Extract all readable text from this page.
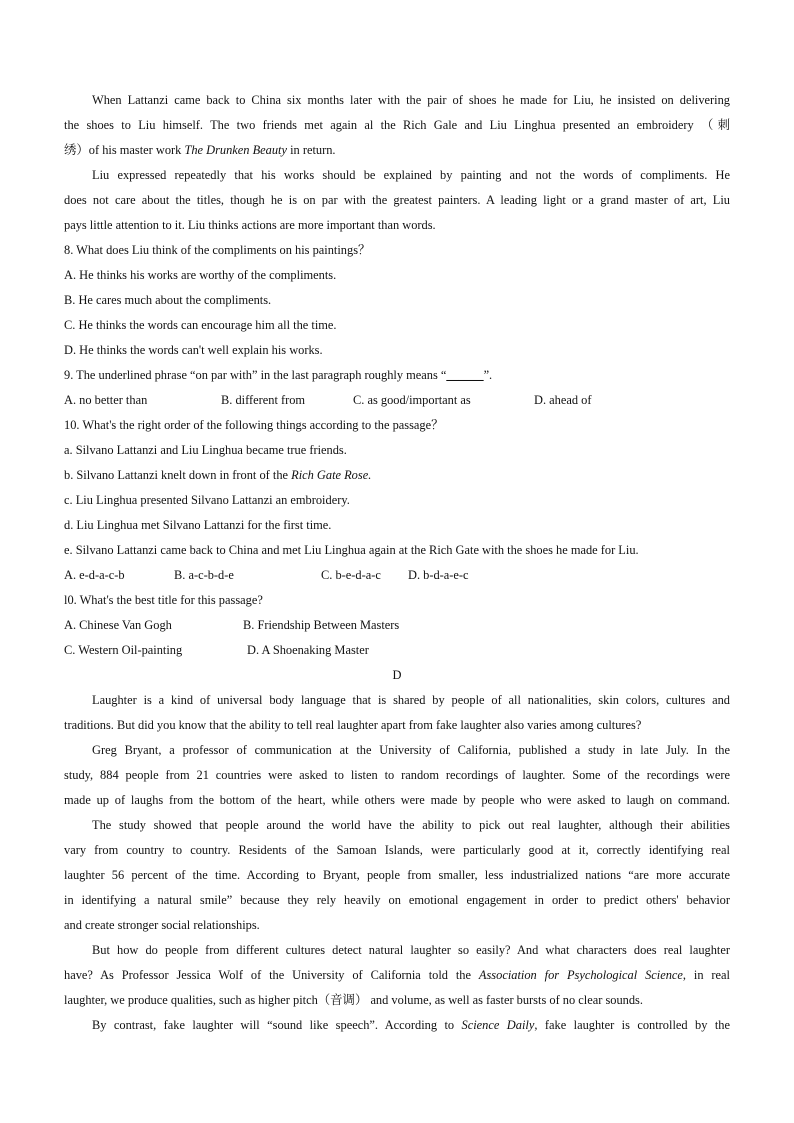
When Lattanzi came back to China six months later with the pair of shoes he made for Liu, he insisted on delivering
the shoes to Liu himself. The two friends met again al the Rich Gale and Liu Linghua presented an embroidery （刺
绣）of his master work The Drunken Beauty in return.
Liu expressed repeatedly that his works should be explained by painting and not the words of compliments. He
does not care about the titles, though he is on par with the greatest painters. A leading light or a grand master of art, Liu
pays little attention to it. Liu thinks actions are more important than words.
8. What does Liu think of the compliments on his paintings？
A. He thinks his works are worthy of the compliments.
B. He cares much about the compliments.
C. He thinks the words can encourage him all the time.
D. He thinks the words can't well explain his works.
9. The underlined phrase “on par with” in the last paragraph roughly means “______”.
A. no better than	B. different from	C. as good/important as	D. ahead of
10. What's the right order of the following things according to the passage？
a. Silvano Lattanzi and Liu Linghua became true friends.
b. Silvano Lattanzi knelt down in front of the Rich Gate Rose.
c. Liu Linghua presented Silvano Lattanzi an embroidery.
d. Liu Linghua met Silvano Lattanzi for the first time.
e. Silvano Lattanzi came back to China and met Liu Linghua again at the Rich Gate with the shoes he made for Liu.
A. e-d-a-c-b	B. a-c-b-d-e	C. b-e-d-a-c	D. b-d-a-e-c
l0. What's the best title for this passage?
A. Chinese Van Gogh	B. Friendship Between Masters
C. Western Oil-painting	D. A Shoenaking Master
D
Laughter is a kind of universal body language that is shared by people of all nationalities, skin colors, cultures and
traditions. But did you know that the ability to tell real laughter apart from fake laughter also varies among cultures?
Greg Bryant, a professor of communication at the University of California, published a study in late July. In the
study, 884 people from 21 countries were asked to listen to random recordings of laughter. Some of the recordings were
made up of laughs from the bottom of the heart, while others were made by people who were asked to laugh on command.
The study showed that people around the world have the ability to pick out real laughter, although their abilities
vary from country to country. Residents of the Samoan Islands, were particularly good at it, correctly identifying real
laughter 56 percent of the time. According to Bryant, people from smaller, less industrialized nations “are more accurate
in identifying a natural smile” because they rely heavily on emotional engagement in order to predict others' behavior
and create stronger social relationships.
But how do people from different cultures detect natural laughter so easily? And what characters does real laughter
have? As Professor Jessica Wolf of the University of California told the Association for Psychological Science, in real
laughter, we produce qualities, such as higher pitch（音调） and volume, as well as faster bursts of no clear sounds.
By contrast, fake laughter will “sound like speech”. According to Science Daily, fake laughter is controlled by the
